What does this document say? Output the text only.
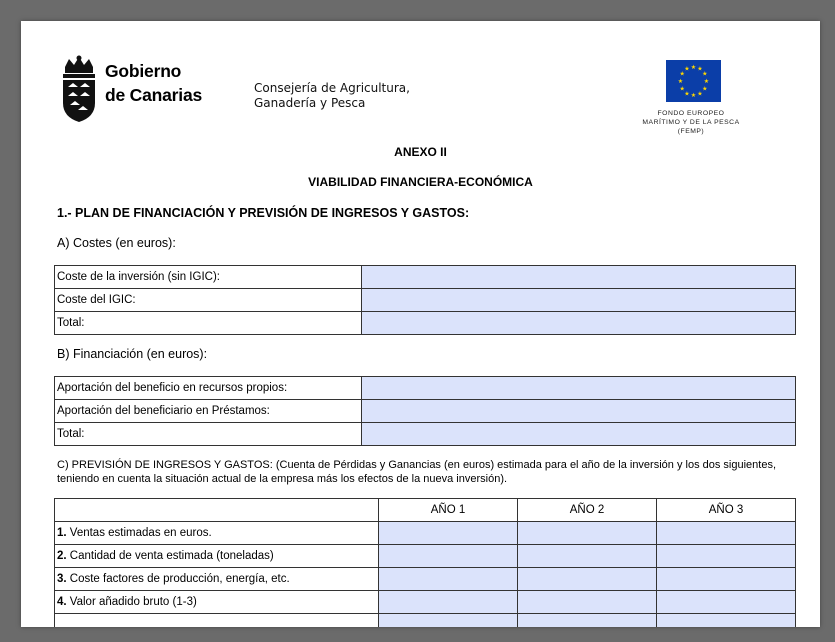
Gobierno
de Canarias	Consejería de Agricultura,
Ganadería y Pesca
★ ★
★
★
★
★
★
★
★
★
★
★
FONDO EUROPEO
MARÍTIMO Y DE LA PESCA
(FEMP)
ANEXO II
VIABILIDAD FINANCIERA-ECONÓMICA
1.- PLAN DE FINANCIACIÓN Y PREVISIÓN DE INGRESOS Y GASTOS:
A) Costes (en euros):
Coste de la inversión (sin IGIC):	
Coste del IGIC:	
Total:	
B) Financiación (en euros):
Aportación del beneficio en recursos propios:	
Aportación del beneficiario en Préstamos:	
Total:	
C) PREVISIÓN DE INGRESOS Y GASTOS: (Cuenta de Pérdidas y Ganancias (en euros) estimada para el año de la inversión y los dos siguientes, teniendo en cuenta la situación actual de la empresa más los efectos de la nueva inversión).
	AÑO 1	AÑO 2	AÑO 3
1. Ventas estimadas en euros.			
2. Cantidad de venta estimada (toneladas)			
3. Coste factores de producción, energía, etc.			
4. Valor añadido bruto (1-3)			
